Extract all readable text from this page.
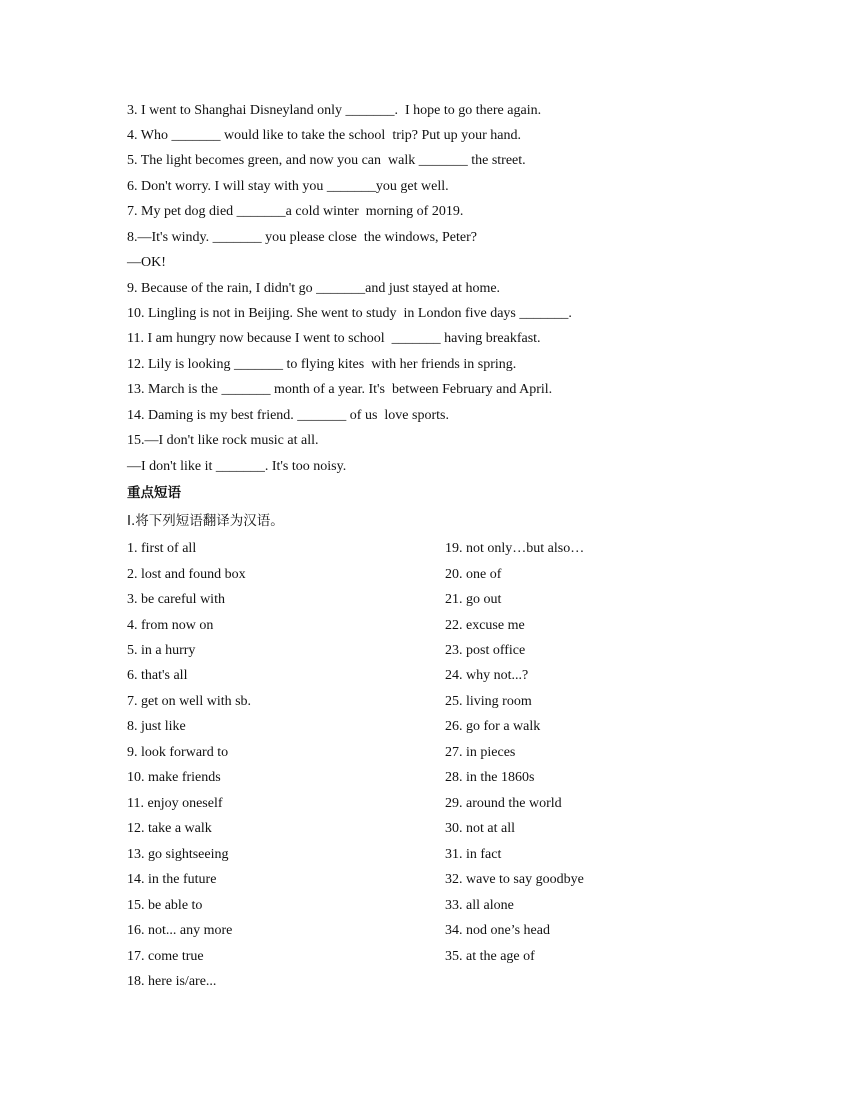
3. I went to Shanghai Disneyland only _______.  I hope to go there again.
4. Who _______ would like to take the school  trip? Put up your hand.
5. The light becomes green, and now you can  walk _______ the street.
6. Don't worry. I will stay with you _______you get well.
7. My pet dog died _______a cold winter  morning of 2019.
8.—It's windy. _______ you please close  the windows, Peter?
—OK!
9. Because of the rain, I didn't go _______and just stayed at home.
10. Lingling is not in Beijing. She went to study  in London five days _______.
11. I am hungry now because I went to school  _______ having breakfast.
12. Lily is looking _______ to flying kites  with her friends in spring.
13. March is the _______ month of a year. It's  between February and April.
14. Daming is my best friend. _______ of us  love sports.
15.—I don't like rock music at all.
—I don't like it _______. It's too noisy.
重点短语
I.将下列短语翻译为汉语。
1. first of all
2. lost and found box
3. be careful with
4. from now on
5. in a hurry
6. that's all
7. get on well with sb.
8. just like
9. look forward to
10. make friends
11. enjoy oneself
12. take a walk
13. go sightseeing
14. in the future
15. be able to
16. not... any more
17. come true
18. here is/are...
19. not only…but also…
20. one of
21. go out
22. excuse me
23. post office
24. why not...?
25. living room
26. go for a walk
27. in pieces
28. in the 1860s
29. around the world
30. not at all
31. in fact
32. wave to say goodbye
33. all alone
34. nod one’s head
35. at the age of
